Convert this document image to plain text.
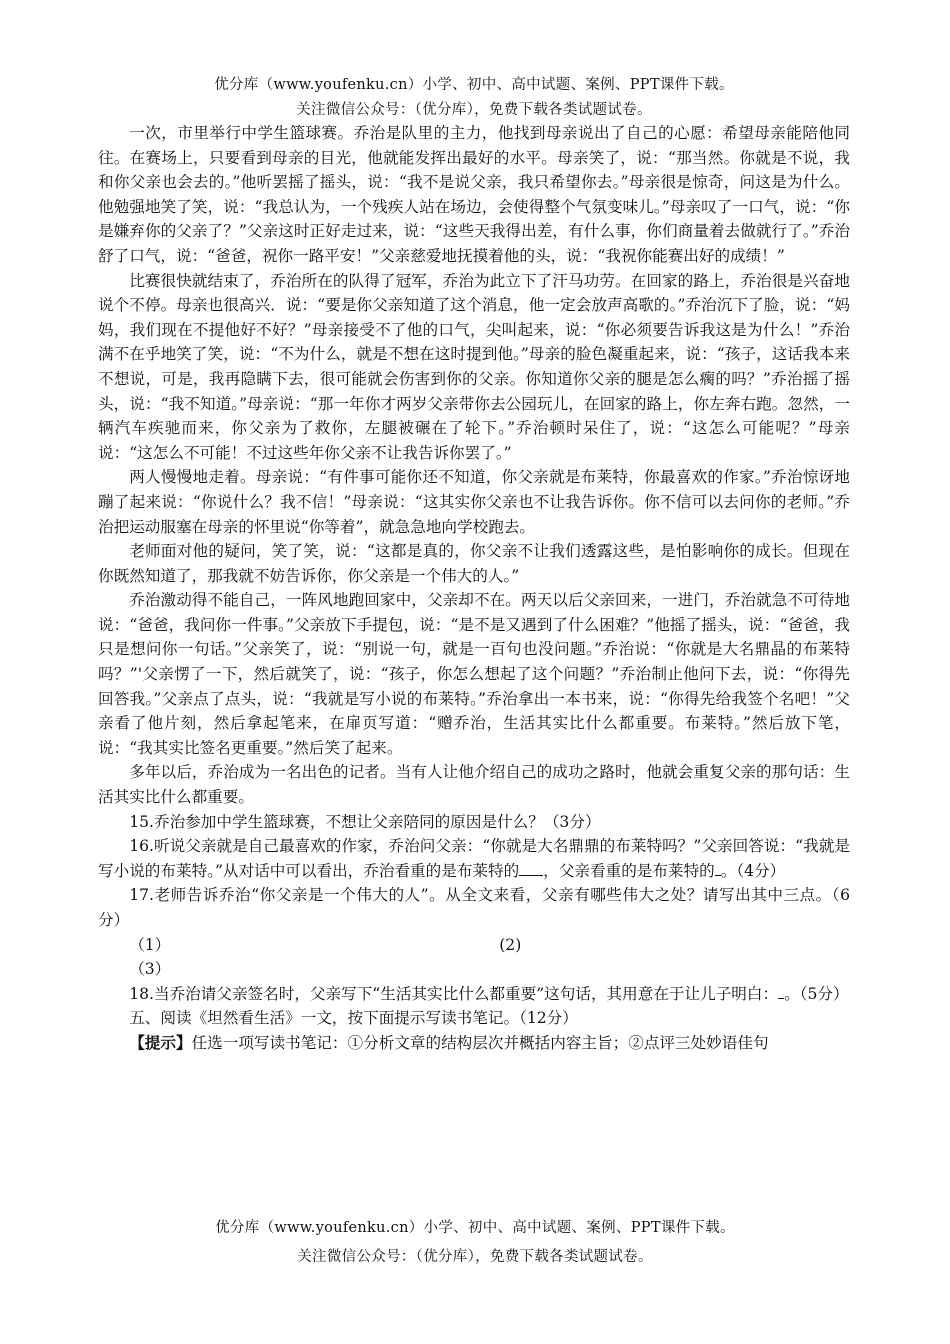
优分库（www.youfenku.cn）小学、初中、高中试题、案例、PPT课件下载。
关注微信公众号：（优分库），免费下载各类试题试卷。

一次，市里举行中学生篮球赛。乔治是队里的主力，他找到母亲说出了自己的心愿：希望母亲能陪他同往。在赛场上，只要看到母亲的目光，他就能发挥出最好的水平。母亲笑了，说：“那当然。你就是不说，我和你父亲也会去的。”他听罢摇了摇头，说：“我不是说父亲，我只希望你去。”母亲很是惊奇，问这是为什么。他勉强地笑了笑，说：“我总认为，一个残疾人站在场边，会使得整个气氛变味儿。”母亲叹了一口气，说：“你是嫌弃你的父亲了？”父亲这时正好走过来，说：“这些天我得出差，有什么事，你们商量着去做就行了。”乔治舒了口气，说：“爸爸，祝你一路平安！”父亲慈爱地抚摸着他的头，说：“我祝你能赛出好的成绩！”

比赛很快就结束了，乔治所在的队得了冠军，乔治为此立下了汗马功劳。在回家的路上，乔治很是兴奋地说个不停。母亲也很高兴．说：“要是你父亲知道了这个消息，他一定会放声高歌的。”乔治沉下了脸，说：“妈妈，我们现在不提他好不好？”母亲接受不了他的口气，尖叫起来，说：“你必须要告诉我这是为什么！”乔治满不在乎地笑了笑，说：“不为什么，就是不想在这时提到他。”母亲的脸色凝重起来，说：“孩子，这话我本来不想说，可是，我再隐瞒下去，很可能就会伤害到你的父亲。你知道你父亲的腿是怎么瘸的吗？”乔治摇了摇头，说：“我不知道。”母亲说：“那一年你才两岁父亲带你去公园玩儿，在回家的路上，你左奔右跑。忽然，一辆汽车疾驰而来，你父亲为了救你，左腿被碾在了轮下。”乔治顿时呆住了，说：“这怎么可能呢？”母亲说：“这怎么不可能！不过这些年你父亲不让我告诉你罢了。”

两人慢慢地走着。母亲说：“有件事可能你还不知道，你父亲就是布莱特，你最喜欢的作家。”乔治惊讶地蹦了起来说：“你说什么？我不信！”母亲说：“这其实你父亲也不让我告诉你。你不信可以去问你的老师。”乔治把运动服塞在母亲的怀里说“你等着”，就急急地向学校跑去。

老师面对他的疑问，笑了笑，说：“这都是真的，你父亲不让我们透露这些，是怕影响你的成长。但现在你既然知道了，那我就不妨告诉你，你父亲是一个伟大的人。”

乔治激动得不能自己，一阵风地跑回家中，父亲却不在。两天以后父亲回来，一进门，乔治就急不可待地说：“爸爸，我问你一件事。”父亲放下手提包，说：“是不是又遇到了什么困难？”他摇了摇头，说：“爸爸，我只是想问你一句话。”父亲笑了，说：“别说一句，就是一百句也没问题。”乔治说：“你就是大名鼎晶的布莱特吗？”'父亲愣了一下，然后就笑了，说：“孩子，你怎么想起了这个问题？”乔治制止他问下去，说：“你得先回答我。”父亲点了点头，说：“我就是写小说的布莱特。”乔治拿出一本书来，说：“你得先给我签个名吧！”父亲看了他片刻，然后拿起笔来，在扉页写道：“赠乔治，生活其实比什么都重要。布莱特。”然后放下笔，说：“我其实比签名更重要。”然后笑了起来。

多年以后，乔治成为一名出色的记者。当有人让他介绍自己的成功之路时，他就会重复父亲的那句话：生活其实比什么都重要。

15.乔治参加中学生篮球赛，不想让父亲陪同的原因是什么？（3分）

16.听说父亲就是自己最喜欢的作家，乔治问父亲：“你就是大名鼎鼎的布莱特吗？”父亲回答说：“我就是写小说的布莱特。”从对话中可以看出，乔治看重的是布莱特的 ，父亲看重的是布莱特的 。（4分）

17.老师告诉乔治“你父亲是一个伟大的人”。从全文来看，父亲有哪些伟大之处？请写出其中三点。（6分）

（1）	(2)

（3）

18.当乔治请父亲签名时，父亲写下“生活其实比什么都重要”这句话，其用意在于让儿子明白： 。（5分）

五、阅读《坦然看生活》一文，按下面提示写读书笔记。（12分）

【提示】任选一项写读书笔记：①分析文章的结构层次并概括内容主旨；②点评三处妙语佳句

优分库（www.youfenku.cn）小学、初中、高中试题、案例、PPT课件下载。
关注微信公众号：（优分库），免费下载各类试题试卷。
